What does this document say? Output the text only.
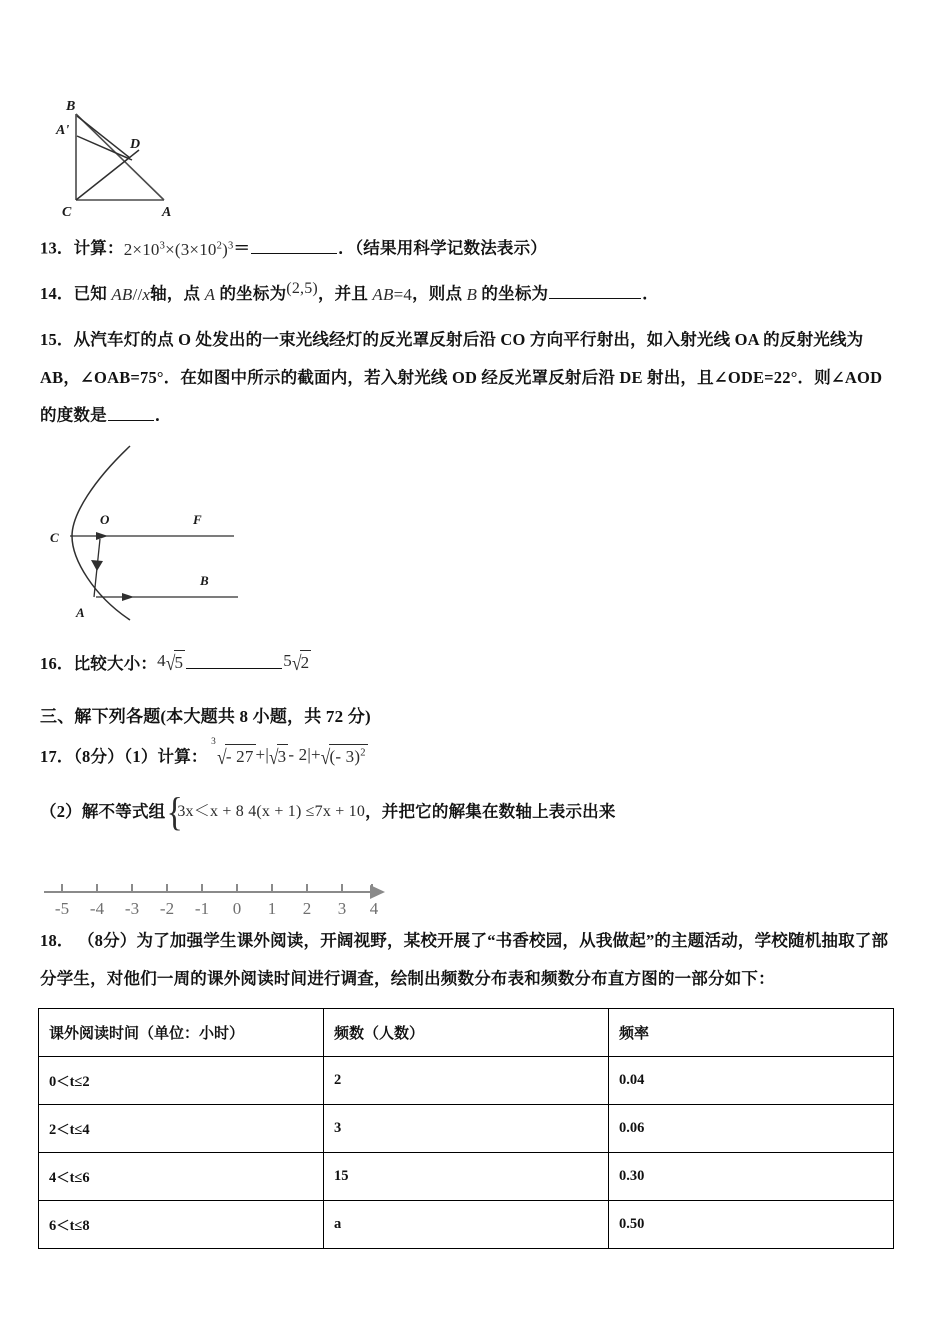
B
A'
D
C	A
13．计算：$2\times 10^3\times(3\times 10^2)^3=$	．（结果用科学记数法表示）
14．已知 AB//x轴，点 A 的坐标为(2,5)，并且 AB=4，则点 B 的坐标为	．
15．从汽车灯的点 O 处发出的一束光线经灯的反光罩反射后沿 CO 方向平行射出，如入射光线 OA 的反射光线为
AB，∠OAB=75°．在如图中所示的截面内，若入射光线 OD 经反光罩反射后沿 DE 射出，且∠ODE=22°．则∠AOD
的度数是	．
C
O	F
B
A
16．比较大小：4√5	5√2
三、解下列各题(本大题共 8 小题，共 72 分)
17．（8分）（1）计算：
3
√- 27 +|√3 - 2|+√(- 3)$^2$
（2）解不等式组 {
3x＜x + 8 4(x + 1) ≤7x + 10，并把它的解集在数轴上表示出来
-5 -4 -3 -2 -1 0 1 2 3 4
18． （8分）为了加强学生课外阅读，开阔视野，某校开展了“书香校园，从我做起”的主题活动，学校随机抽取了部
分学生，对他们一周的课外阅读时间进行调查，绘制出频数分布表和频数分布直方图的一部分如下：
课外阅读时间（单位：小时）	频数（人数）	频率
0＜t≤2	2	0.04
2＜t≤4	3	0.06
4＜t≤6	15	0.30
6＜t≤8	a	0.50
